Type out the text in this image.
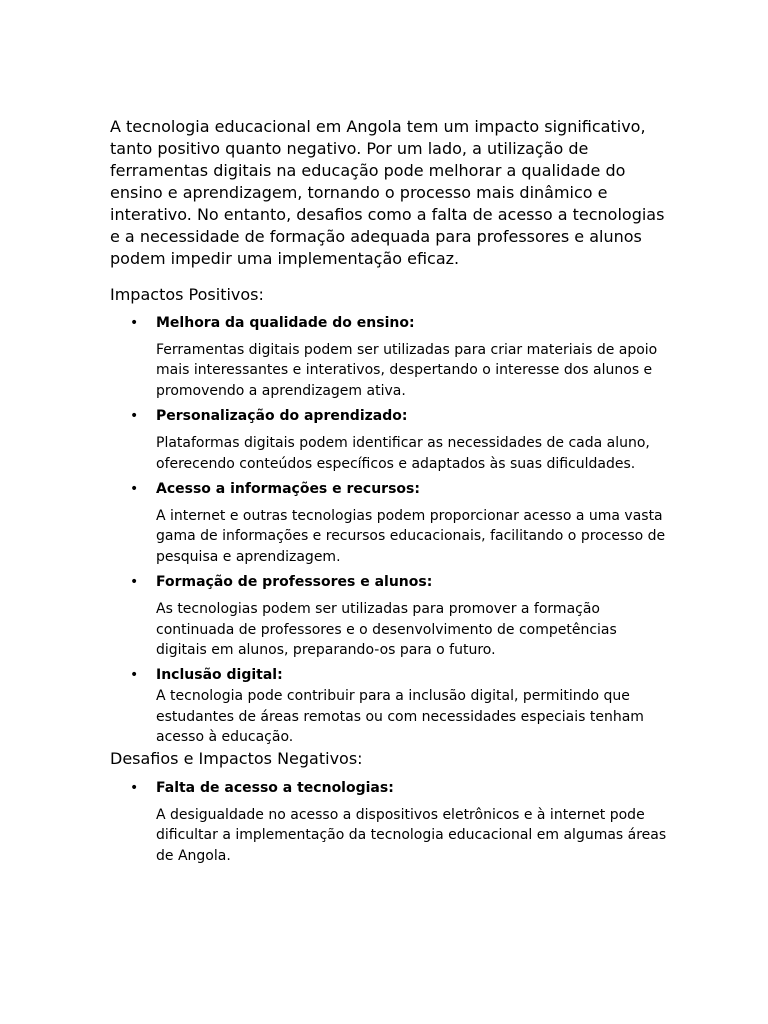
A tecnologia educacional em Angola tem um impacto significativo, tanto positivo quanto negativo. Por um lado, a utilização de ferramentas digitais na educação pode melhorar a qualidade do ensino e aprendizagem, tornando o processo mais dinâmico e interativo. No entanto, desafios como a falta de acesso a tecnologias e a necessidade de formação adequada para professores e alunos podem impedir uma implementação eficaz.

Impactos Positivos:

• Melhora da qualidade do ensino:

Ferramentas digitais podem ser utilizadas para criar materiais de apoio mais interessantes e interativos, despertando o interesse dos alunos e promovendo a aprendizagem ativa.

• Personalização do aprendizado:

Plataformas digitais podem identificar as necessidades de cada aluno, oferecendo conteúdos específicos e adaptados às suas dificuldades.

• Acesso a informações e recursos:

A internet e outras tecnologias podem proporcionar acesso a uma vasta gama de informações e recursos educacionais, facilitando o processo de pesquisa e aprendizagem.

• Formação de professores e alunos:

As tecnologias podem ser utilizadas para promover a formação continuada de professores e o desenvolvimento de competências digitais em alunos, preparando-os para o futuro.

• Inclusão digital:

A tecnologia pode contribuir para a inclusão digital, permitindo que estudantes de áreas remotas ou com necessidades especiais tenham acesso à educação.

Desafios e Impactos Negativos:

• Falta de acesso a tecnologias:

A desigualdade no acesso a dispositivos eletrônicos e à internet pode dificultar a implementação da tecnologia educacional em algumas áreas de Angola.
